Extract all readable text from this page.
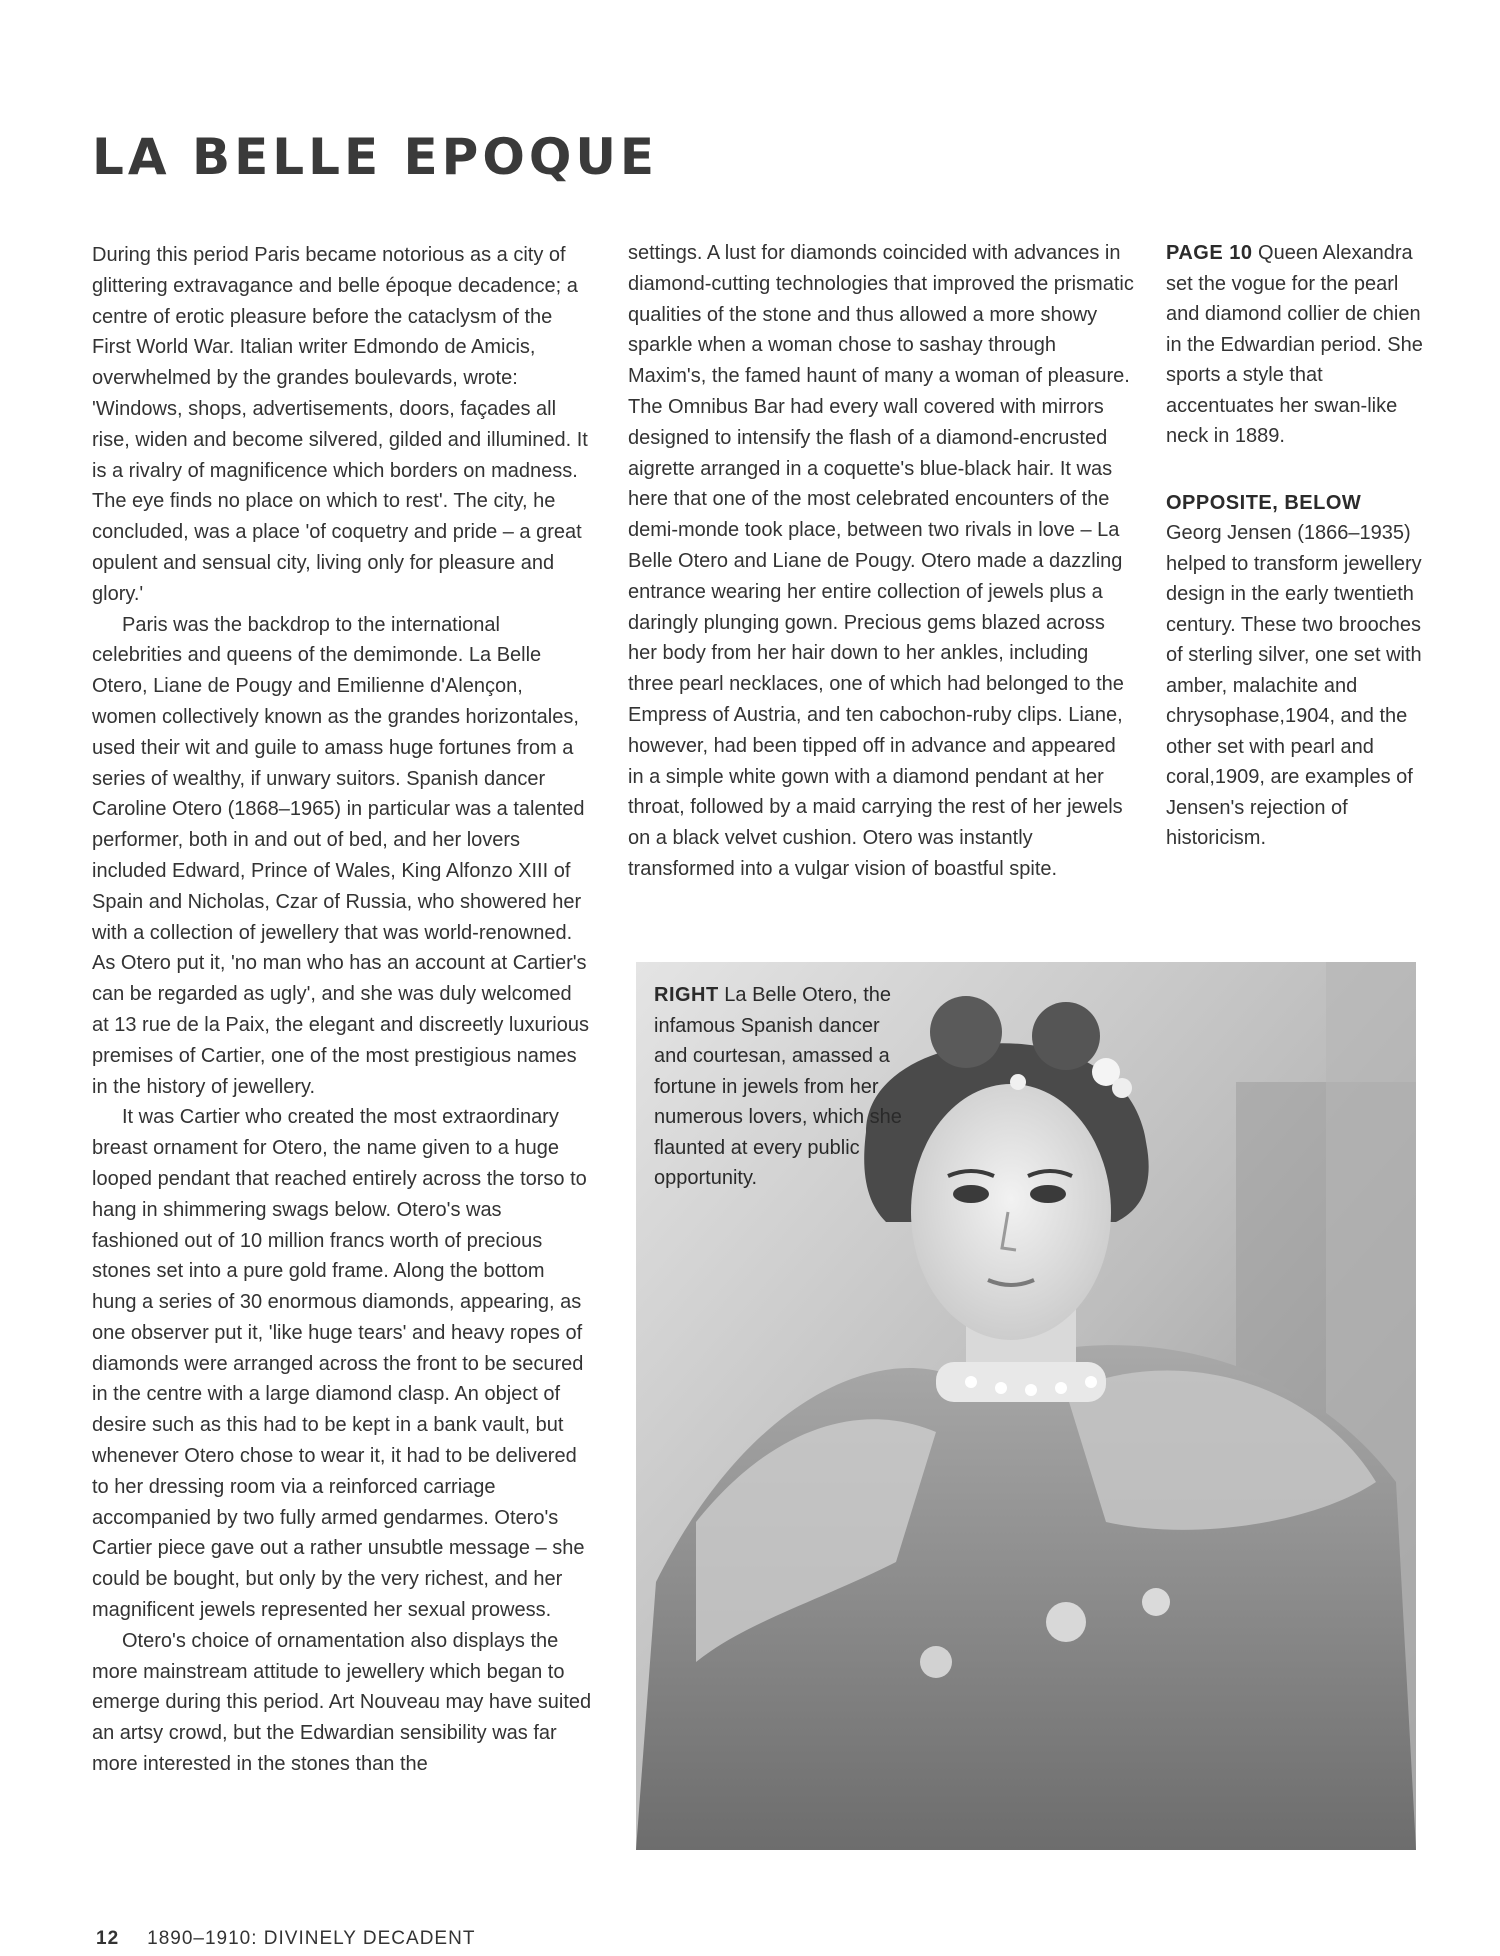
LA BELLE EPOQUE

During this period Paris became notorious as a city of glittering extravagance and belle époque decadence; a centre of erotic pleasure before the cataclysm of the First World War. Italian writer Edmondo de Amicis, overwhelmed by the grandes boulevards, wrote: 'Windows, shops, advertisements, doors, façades all rise, widen and become silvered, gilded and illumined. It is a rivalry of magnificence which borders on madness. The eye finds no place on which to rest'. The city, he concluded, was a place 'of coquetry and pride – a great opulent and sensual city, living only for pleasure and glory.'

Paris was the backdrop to the international celebrities and queens of the demimonde. La Belle Otero, Liane de Pougy and Emilienne d'Alençon, women collectively known as the grandes horizontales, used their wit and guile to amass huge fortunes from a series of wealthy, if unwary suitors. Spanish dancer Caroline Otero (1868–1965) in particular was a talented performer, both in and out of bed, and her lovers included Edward, Prince of Wales, King Alfonzo XIII of Spain and Nicholas, Czar of Russia, who showered her with a collection of jewellery that was world-renowned. As Otero put it, 'no man who has an account at Cartier's can be regarded as ugly', and she was duly welcomed at 13 rue de la Paix, the elegant and discreetly luxurious premises of Cartier, one of the most prestigious names in the history of jewellery.

It was Cartier who created the most extraordinary breast ornament for Otero, the name given to a huge looped pendant that reached entirely across the torso to hang in shimmering swags below. Otero's was fashioned out of 10 million francs worth of precious stones set into a pure gold frame. Along the bottom hung a series of 30 enormous diamonds, appearing, as one observer put it, 'like huge tears' and heavy ropes of diamonds were arranged across the front to be secured in the centre with a large diamond clasp. An object of desire such as this had to be kept in a bank vault, but whenever Otero chose to wear it, it had to be delivered to her dressing room via a reinforced carriage accompanied by two fully armed gendarmes. Otero's Cartier piece gave out a rather unsubtle message – she could be bought, but only by the very richest, and her magnificent jewels represented her sexual prowess.

Otero's choice of ornamentation also displays the more mainstream attitude to jewellery which began to emerge during this period. Art Nouveau may have suited an artsy crowd, but the Edwardian sensibility was far more interested in the stones than the

settings. A lust for diamonds coincided with advances in diamond-cutting technologies that improved the prismatic qualities of the stone and thus allowed a more showy sparkle when a woman chose to sashay through Maxim's, the famed haunt of many a woman of pleasure. The Omnibus Bar had every wall covered with mirrors designed to intensify the flash of a diamond-encrusted aigrette arranged in a coquette's blue-black hair. It was here that one of the most celebrated encounters of the demi-monde took place, between two rivals in love – La Belle Otero and Liane de Pougy. Otero made a dazzling entrance wearing her entire collection of jewels plus a daringly plunging gown. Precious gems blazed across her body from her hair down to her ankles, including three pearl necklaces, one of which had belonged to the Empress of Austria, and ten cabochon-ruby clips. Liane, however, had been tipped off in advance and appeared in a simple white gown with a diamond pendant at her throat, followed by a maid carrying the rest of her jewels on a black velvet cushion. Otero was instantly transformed into a vulgar vision of boastful spite.

PAGE 10 Queen Alexandra set the vogue for the pearl and diamond collier de chien in the Edwardian period. She sports a style that accentuates her swan-like neck in 1889.
OPPOSITE, BELOW
Georg Jensen (1866–1935) helped to transform jewellery design in the early twentieth century. These two brooches of sterling silver, one set with amber, malachite and chrysophase,1904, and the other set with pearl and coral,1909, are examples of Jensen's rejection of historicism.
RIGHT La Belle Otero, the infamous Spanish dancer and courtesan, amassed a fortune in jewels from her numerous lovers, which she flaunted at every public opportunity.
12 1890–1910: DIVINELY DECADENT
